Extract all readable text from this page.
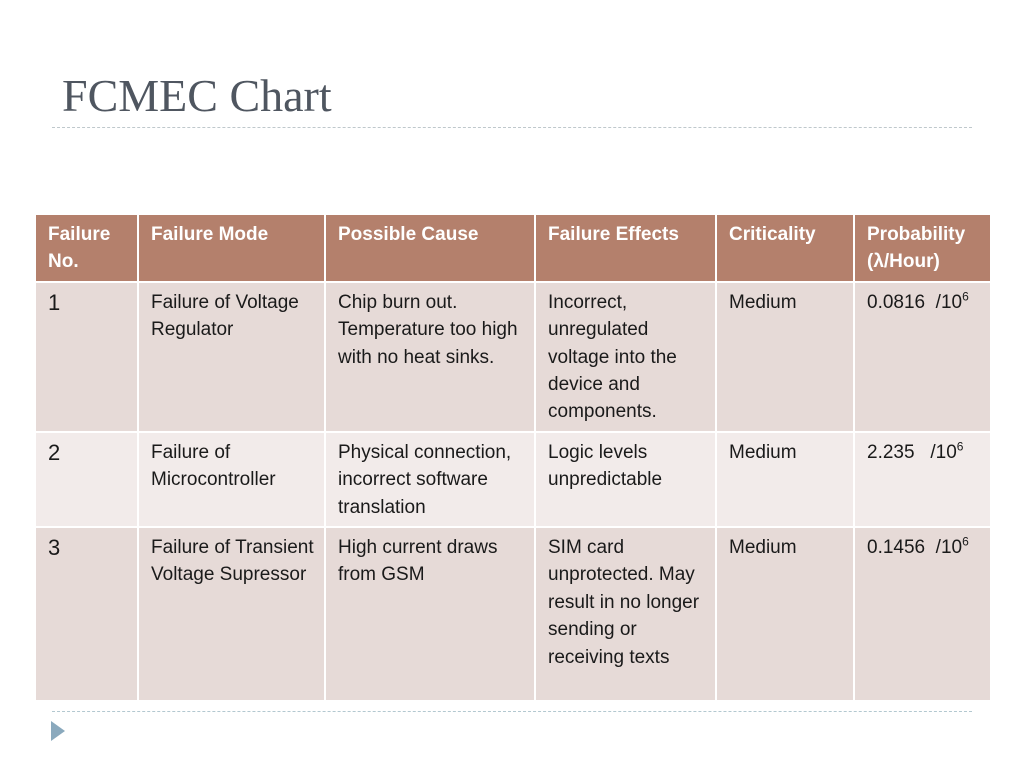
FCMEC Chart
Failure No.	Failure Mode	Possible Cause	Failure Effects	Criticality	Probability (λ/Hour)
1	Failure of Voltage Regulator	Chip burn out. Temperature too high with no heat sinks.	Incorrect, unregulated voltage into the device and components.	Medium	0.0816  $/10^6$
2	Failure of Microcontroller	Physical connection, incorrect software translation	Logic levels unpredictable	Medium	2.235   $/10^6$
3	Failure of Transient Voltage Supressor	High current draws from GSM	SIM card unprotected. May result in no longer sending or receiving texts	Medium	0.1456  $/10^6$
